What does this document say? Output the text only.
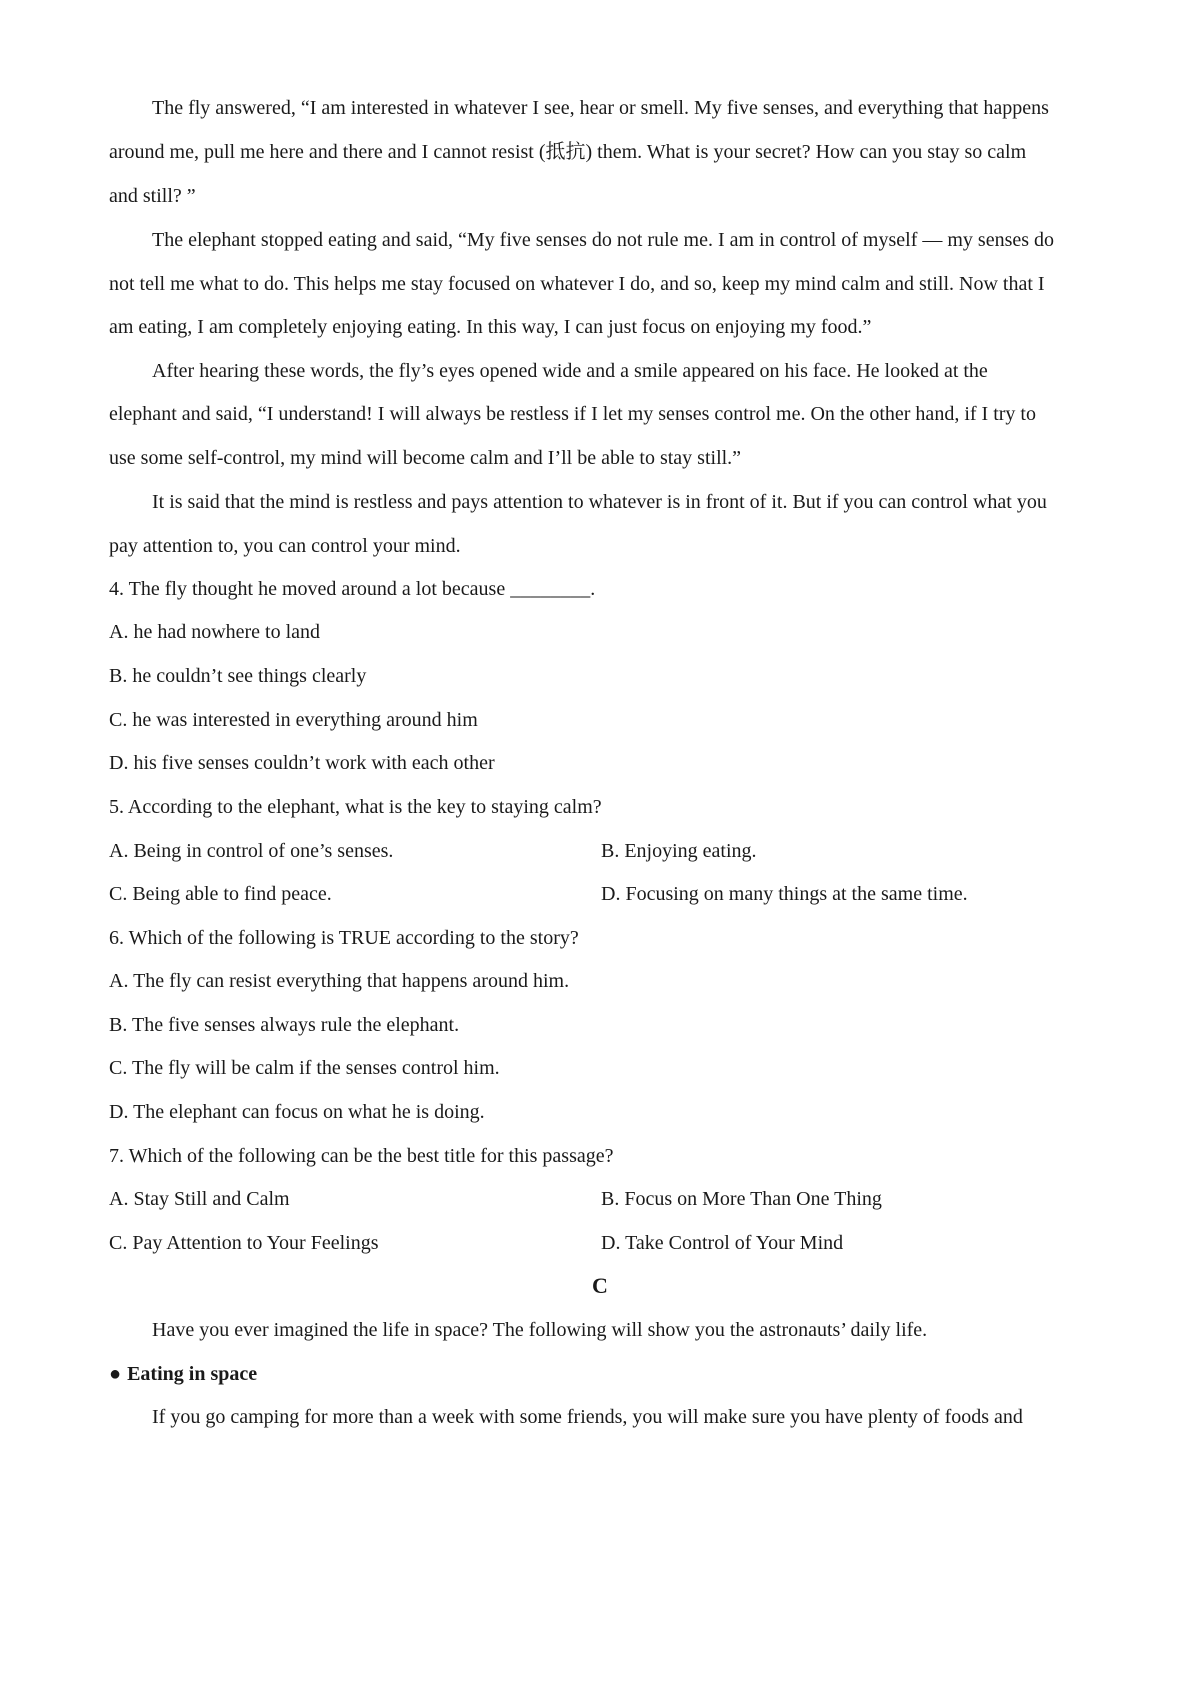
The fly answered, “I am interested in whatever I see, hear or smell. My five senses, and everything that happens
around me, pull me here and there and I cannot resist (抵抗) them. What is your secret? How can you stay so calm
and still? ”
The elephant stopped eating and said, “My five senses do not rule me. I am in control of myself — my senses do
not tell me what to do. This helps me stay focused on whatever I do, and so, keep my mind calm and still. Now that I
am eating, I am completely enjoying eating. In this way, I can just focus on enjoying my food.”
After hearing these words, the fly’s eyes opened wide and a smile appeared on his face. He looked at the
elephant and said, “I understand! I will always be restless if I let my senses control me. On the other hand, if I try to
use some self-control, my mind will become calm and I’ll be able to stay still.”
It is said that the mind is restless and pays attention to whatever is in front of it. But if you can control what you
pay attention to, you can control your mind.
4. The fly thought he moved around a lot because ________.
A. he had nowhere to land
B. he couldn’t see things clearly
C. he was interested in everything around him
D. his five senses couldn’t work with each other
5. According to the elephant, what is the key to staying calm?
A. Being in control of one’s senses.	B. Enjoying eating.
C. Being able to find peace.	D. Focusing on many things at the same time.
6. Which of the following is TRUE according to the story?
A. The fly can resist everything that happens around him.
B. The five senses always rule the elephant.
C. The fly will be calm if the senses control him.
D. The elephant can focus on what he is doing.
7. Which of the following can be the best title for this passage?
A. Stay Still and Calm	B. Focus on More Than One Thing
C. Pay Attention to Your Feelings	D. Take Control of Your Mind
C
Have you ever imagined the life in space? The following will show you the astronauts’ daily life.
● Eating in space
If you go camping for more than a week with some friends, you will make sure you have plenty of foods and
